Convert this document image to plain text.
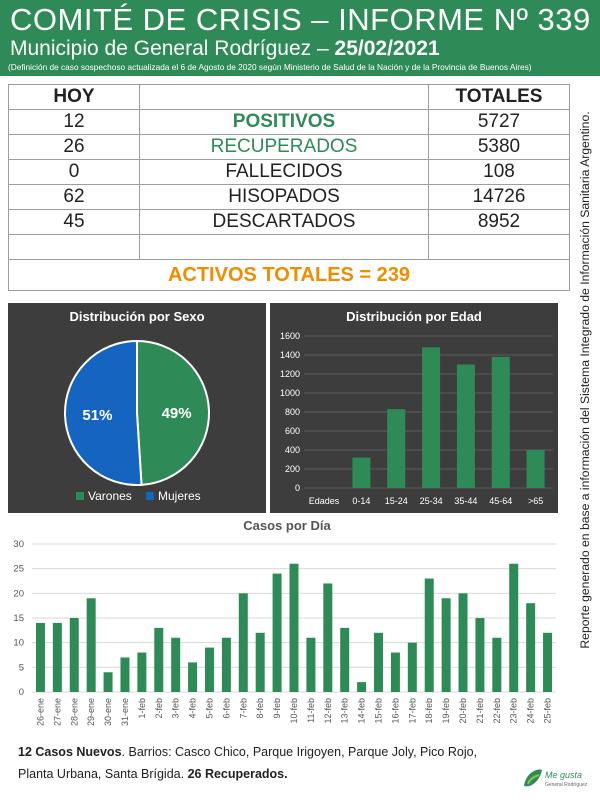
COMITÉ DE CRISIS – INFORME Nº 339
Municipio de General Rodríguez – 25/02/2021
(Definición de caso sospechoso actualizada el 6 de Agosto de 2020 según Ministerio de Salud de la Nación y de la Provincia de Buenos Aires)
HOY		TOTALES
12	POSITIVOS	5727
26	RECUPERADOS	5380
0	FALLECIDOS	108
62	HISOPADOS	14726
45	DESCARTADOS	8952

ACTIVOS TOTALES = 239			Reporte generado en base a información del Sistema Integrado de Información Sanitaria Argentino.
49%
51%
Varones Mujeres
Distribución por Sexo
0
200
400
600
800
1000
1200
1400
1600
Edades 0-14 15-24 25-34 35-44 45-64 >65
Distribución por Edad
0
5
10
15
20
25
30
26-ene 27-ene 28-ene 29-ene 30-ene 31-ene 1-feb 2-feb 3-feb 4-feb 5-feb 6-feb 7-feb 8-feb 9-feb 10-feb 11-feb 12-feb 13-feb 14-feb 15-feb 16-feb 17-feb 18-feb 19-feb 20-feb 21-feb 22-feb 23-feb 24-feb 25-feb
Casos por Día
12 Casos Nuevos. Barrios: Casco Chico, Parque Irigoyen, Parque Joly, Pico Rojo, Planta Urbana, Santa Brígida. 26 Recuperados.	Me gusta
General Rodríguez
